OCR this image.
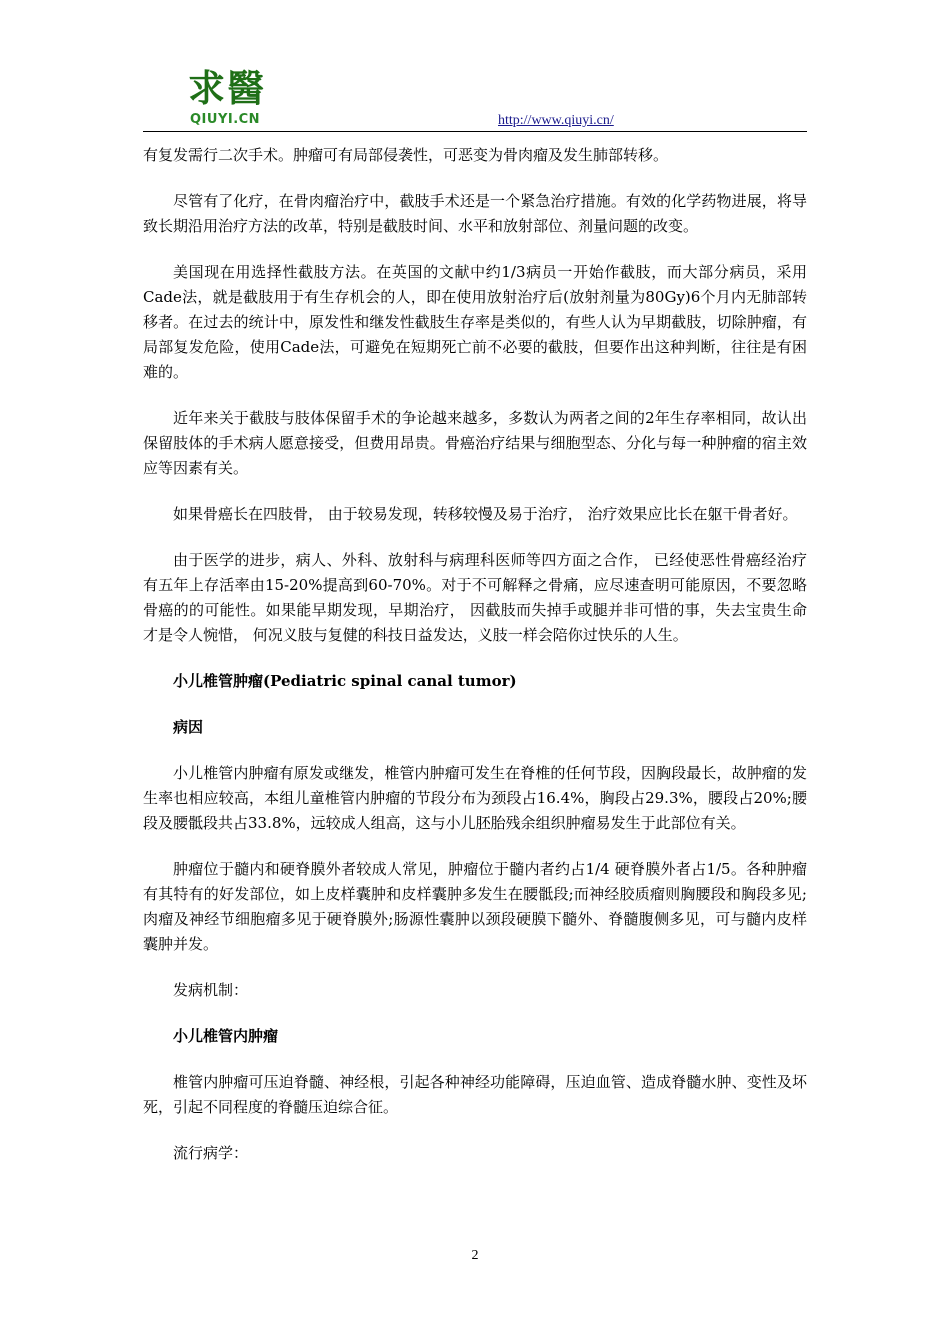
求醫
QIUYI.CN	http://www.qiuyi.cn/

有复发需行二次手术。肿瘤可有局部侵袭性，可恶变为骨肉瘤及发生肺部转移。

尽管有了化疗，在骨肉瘤治疗中，截肢手术还是一个紧急治疗措施。有效的化学药物进展，将导致长期沿用治疗方法的改革，特别是截肢时间、水平和放射部位、剂量问题的改变。

美国现在用选择性截肢方法。在英国的文献中约1/3病员一开始作截肢，而大部分病员，采用 Cade法，就是截肢用于有生存机会的人，即在使用放射治疗后(放射剂量为80Gy)6个月内无肺部转移者。在过去的统计中，原发性和继发性截肢生存率是类似的，有些人认为早期截肢，切除肿瘤，有局部复发危险，使用Cade法，可避免在短期死亡前不必要的截肢，但要作出这种判断，往往是有困难的。

近年来关于截肢与肢体保留手术的争论越来越多，多数认为两者之间的2年生存率相同，故认出保留肢体的手术病人愿意接受，但费用昂贵。骨癌治疗结果与细胞型态、分化与每一种肿瘤的宿主效应等因素有关。

如果骨癌长在四肢骨， 由于较易发现，转移较慢及易于治疗， 治疗效果应比长在躯干骨者好。

由于医学的进步，病人、外科、放射科与病理科医师等四方面之合作， 已经使恶性骨癌经治疗有五年上存活率由15-20%提高到60-70%。对于不可解释之骨痛，应尽速查明可能原因，不要忽略骨癌的的可能性。如果能早期发现，早期治疗， 因截肢而失掉手或腿并非可惜的事，失去宝贵生命才是令人惋惜， 何况义肢与复健的科技日益发达，义肢一样会陪你过快乐的人生。

小儿椎管肿瘤(Pediatric spinal canal tumor)

病因

小儿椎管内肿瘤有原发或继发，椎管内肿瘤可发生在脊椎的任何节段，因胸段最长，故肿瘤的发生率也相应较高，本组儿童椎管内肿瘤的节段分布为颈段占16.4%，胸段占29.3%，腰段占20%;腰段及腰骶段共占33.8%，远较成人组高，这与小儿胚胎残余组织肿瘤易发生于此部位有关。

肿瘤位于髓内和硬脊膜外者较成人常见，肿瘤位于髓内者约占1/4 硬脊膜外者占1/5。各种肿瘤有其特有的好发部位，如上皮样囊肿和皮样囊肿多发生在腰骶段;而神经胶质瘤则胸腰段和胸段多见;肉瘤及神经节细胞瘤多见于硬脊膜外;肠源性囊肿以颈段硬膜下髓外、脊髓腹侧多见，可与髓内皮样囊肿并发。

发病机制：

小儿椎管内肿瘤

椎管内肿瘤可压迫脊髓、神经根，引起各种神经功能障碍，压迫血管、造成脊髓水肿、变性及坏死，引起不同程度的脊髓压迫综合征。

流行病学：

2
